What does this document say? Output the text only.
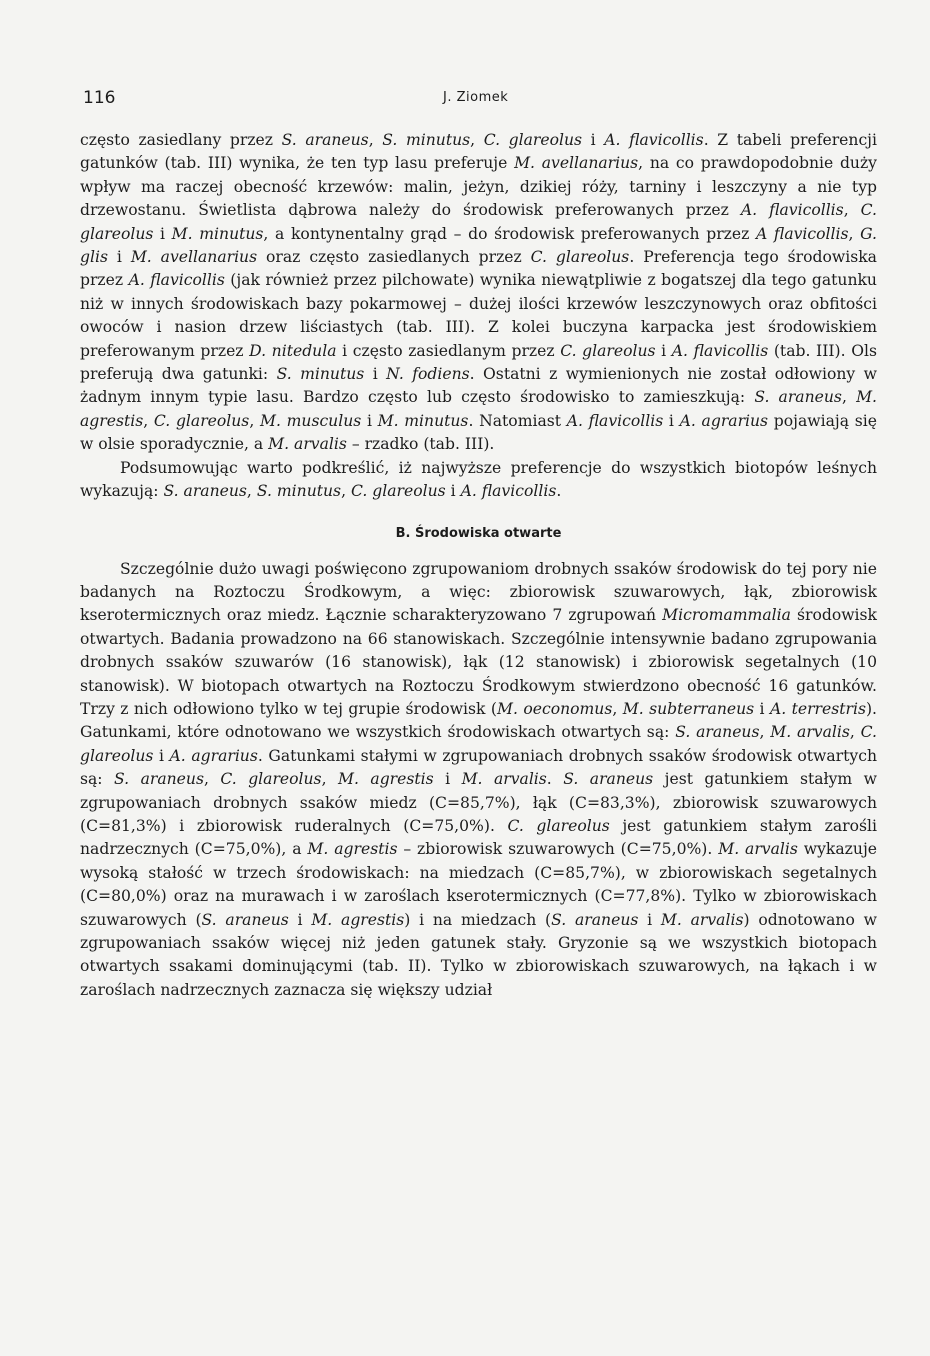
116	J. Ziomek

często zasiedlany przez S. araneus, S. minutus, C. glareolus i A. flavicollis. Z tabeli preferencji gatunków (tab. III) wynika, że ten typ lasu preferuje M. avellanarius, na co prawdopodobnie duży wpływ ma raczej obecność krzewów: malin, jeżyn, dzikiej róży, tarniny i leszczyny a nie typ drzewostanu. Świetlista dąbrowa należy do środowisk preferowanych przez A. flavicollis, C. glareolus i M. minutus, a kontynentalny grąd – do środowisk preferowanych przez A flavicollis, G. glis i M. avellanarius oraz często zasiedlanych przez C. glareolus. Preferencja tego środowiska przez A. flavicollis (jak również przez pilchowate) wynika niewątpliwie z bogatszej dla tego gatunku niż w innych środowiskach bazy pokarmowej – dużej ilości krzewów leszczynowych oraz obfitości owoców i nasion drzew liściastych (tab. III). Z kolei buczyna karpacka jest środowiskiem preferowanym przez D. nitedula i często zasiedlanym przez C. glareolus i A. flavicollis (tab. III). Ols preferują dwa gatunki: S. minutus i N. fodiens. Ostatni z wymienionych nie został odłowiony w żadnym innym typie lasu. Bardzo często lub często środowisko to zamieszkują: S. araneus, M. agrestis, C. glareolus, M. musculus i M. minutus. Natomiast A. flavicollis i A. agrarius pojawiają się w olsie sporadycznie, a M. arvalis – rzadko (tab. III).

Podsumowując warto podkreślić, iż najwyższe preferencje do wszystkich biotopów leśnych wykazują: S. araneus, S. minutus, C. glareolus i A. flavicollis.

B. Środowiska otwarte

Szczególnie dużo uwagi poświęcono zgrupowaniom drobnych ssaków środowisk do tej pory nie badanych na Roztoczu Środkowym, a więc: zbiorowisk szuwarowych, łąk, zbiorowisk kserotermicznych oraz miedz. Łącznie scharakteryzowano 7 zgrupowań Micromammalia środowisk otwartych. Badania prowadzono na 66 stanowiskach. Szczególnie intensywnie badano zgrupowania drobnych ssaków szuwarów (16 stanowisk), łąk (12 stanowisk) i zbiorowisk segetalnych (10 stanowisk). W biotopach otwartych na Roztoczu Środkowym stwierdzono obecność 16 gatunków. Trzy z nich odłowiono tylko w tej grupie środowisk (M. oeconomus, M. subterraneus i A. terrestris). Gatunkami, które odnotowano we wszystkich środowiskach otwartych są: S. araneus, M. arvalis, C. glareolus i A. agrarius. Gatunkami stałymi w zgrupowaniach drobnych ssaków środowisk otwartych są: S. araneus, C. glareolus, M. agrestis i M. arvalis. S. araneus jest gatunkiem stałym w zgrupowaniach drobnych ssaków miedz (C=85,7%), łąk (C=83,3%), zbiorowisk szuwarowych (C=81,3%) i zbiorowisk ruderalnych (C=75,0%). C. glareolus jest gatunkiem stałym zarośli nadrzecznych (C=75,0%), a M. agrestis – zbiorowisk szuwarowych (C=75,0%). M. arvalis wykazuje wysoką stałość w trzech środowiskach: na miedzach (C=85,7%), w zbiorowiskach segetalnych (C=80,0%) oraz na murawach i w zaroślach kserotermicznych (C=77,8%). Tylko w zbiorowiskach szuwarowych (S. araneus i M. agrestis) i na miedzach (S. araneus i M. arvalis) odnotowano w zgrupowaniach ssaków więcej niż jeden gatunek stały. Gryzonie są we wszystkich biotopach otwartych ssakami dominującymi (tab. II). Tylko w zbiorowiskach szuwarowych, na łąkach i w zaroślach nadrzecznych zaznacza się większy udział
